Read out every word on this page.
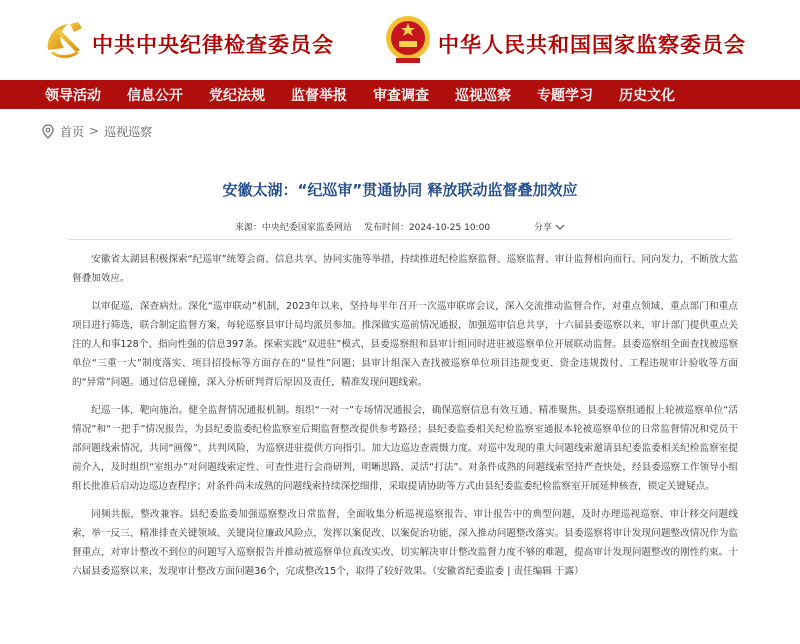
中共中央纪律检查委员会	中华人民共和国国家监察委员会
领导活动 信息公开 党纪法规 监督举报 审查调查 巡视巡察 专题学习 历史文化
首页 > 巡视巡察
安徽太湖：“纪巡审”贯通协同 释放联动监督叠加效应
来源：中央纪委国家监委网站 发布时间：2024-10-25 10:00	分享

安徽省太湖县积极探索“纪巡审”统筹会商、信息共享、协同实施等举措，持续推进纪检监察监督、巡察监督、审计监督相向而行、同向发力，不断放大监督叠加效应。

以审促巡，深查病灶。深化“巡审联动”机制，2023年以来，坚持每半年召开一次巡审联席会议，深入交流推动监督合作，对重点领域、重点部门和重点项目进行筛选，联合制定监督方案，每轮巡察县审计局均派员参加。推深做实巡前情况通报，加强巡审信息共享，十六届县委巡察以来，审计部门提供重点关注的人和事128个、指向性强的信息397条。探索实践“双进驻”模式，县委巡察组和县审计组同时进驻被巡察单位开展联动监督。县委巡察组全面查找被巡察单位“三重一大”制度落实、项目招投标等方面存在的“显性”问题；县审计组深入查找被巡察单位项目违规变更、资金违规拨付、工程违规审计验收等方面的“异常”问题。通过信息碰撞，深入分析研判背后原因及责任，精准发现问题线索。

纪巡一体，靶向施治。健全监督情况通报机制。组织“一对一”专场情况通报会，确保巡察信息有效互通、精准聚焦。县委巡察组通报上轮被巡察单位“活情况”和“一把手”情况报告，为县纪委监委纪检监察室后期监督整改提供参考路径；县纪委监委相关纪检监察室通报本轮被巡察单位的日常监督情况和党员干部问题线索情况，共同“画像”、共判风险，为巡察进驻提供方向指引。加大边巡边查震慑力度。对巡中发现的重大问题线索邀请县纪委监委相关纪检监察室提前介入，及时组织“室组办”对问题线索定性、可查性进行会商研判，明晰思路、灵活“打法”。对条件成熟的问题线索坚持严查快处，经县委巡察工作领导小组组长批准后启动边巡边查程序；对条件尚未成熟的问题线索持续深挖细排，采取提请协助等方式由县纪委监委纪检监察室开展延伸核查，锁定关键疑点。

同频共振，整改兼容。县纪委监委加强巡察整改日常监督，全面收集分析巡视巡察报告、审计报告中的典型问题，及时办理巡视巡察、审计移交问题线索，举一反三、精准排查关键领域、关键岗位廉政风险点，发挥以案促改、以案促治功能，深入推动问题整改落实。县委巡察将审计发现问题整改情况作为监督重点，对审计整改不到位的问题写入巡察报告并推动被巡察单位真改实改，切实解决审计整改监督力度不够的难题，提高审计发现问题整改的刚性约束。十六届县委巡察以来，发现审计整改方面问题36个，完成整改15个，取得了较好效果。（安徽省纪委监委 | 责任编辑 于露）
